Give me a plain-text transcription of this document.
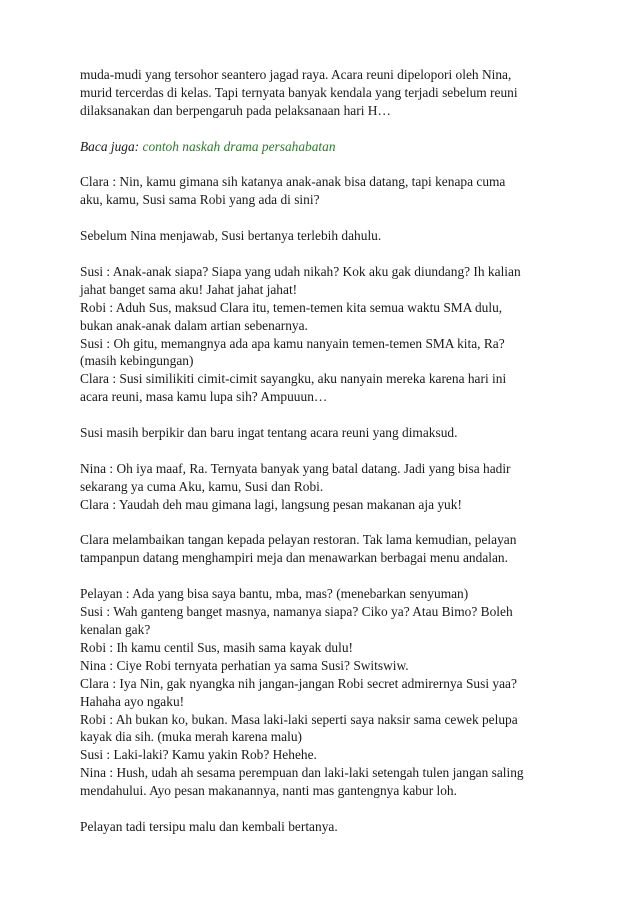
muda-mudi yang tersohor seantero jagad raya. Acara reuni dipelopori oleh Nina,
murid tercerdas di kelas. Tapi ternyata banyak kendala yang terjadi sebelum reuni
dilaksanakan dan berpengaruh pada pelaksanaan hari H…
Baca juga: contoh naskah drama persahabatan
Clara : Nin, kamu gimana sih katanya anak-anak bisa datang, tapi kenapa cuma
aku, kamu, Susi sama Robi yang ada di sini?
Sebelum Nina menjawab, Susi bertanya terlebih dahulu.
Susi : Anak-anak siapa? Siapa yang udah nikah? Kok aku gak diundang? Ih kalian
jahat banget sama aku! Jahat jahat jahat!
Robi : Aduh Sus, maksud Clara itu, temen-temen kita semua waktu SMA dulu,
bukan anak-anak dalam artian sebenarnya.
Susi : Oh gitu, memangnya ada apa kamu nanyain temen-temen SMA kita, Ra?
(masih kebingungan)
Clara : Susi similikiti cimit-cimit sayangku, aku nanyain mereka karena hari ini
acara reuni, masa kamu lupa sih? Ampuuun…
Susi masih berpikir dan baru ingat tentang acara reuni yang dimaksud.
Nina : Oh iya maaf, Ra. Ternyata banyak yang batal datang. Jadi yang bisa hadir
sekarang ya cuma Aku, kamu, Susi dan Robi.
Clara : Yaudah deh mau gimana lagi, langsung pesan makanan aja yuk!
Clara melambaikan tangan kepada pelayan restoran. Tak lama kemudian, pelayan
tampanpun datang menghampiri meja dan menawarkan berbagai menu andalan.
Pelayan : Ada yang bisa saya bantu, mba, mas? (menebarkan senyuman)
Susi : Wah ganteng banget masnya, namanya siapa? Ciko ya? Atau Bimo? Boleh
kenalan gak?
Robi : Ih kamu centil Sus, masih sama kayak dulu!
Nina : Ciye Robi ternyata perhatian ya sama Susi? Switswiw.
Clara : Iya Nin, gak nyangka nih jangan-jangan Robi secret admirernya Susi yaa?
Hahaha ayo ngaku!
Robi : Ah bukan ko, bukan. Masa laki-laki seperti saya naksir sama cewek pelupa
kayak dia sih. (muka merah karena malu)
Susi : Laki-laki? Kamu yakin Rob? Hehehe.
Nina : Hush, udah ah sesama perempuan dan laki-laki setengah tulen jangan saling
mendahului. Ayo pesan makanannya, nanti mas gantengnya kabur loh.
Pelayan tadi tersipu malu dan kembali bertanya.
